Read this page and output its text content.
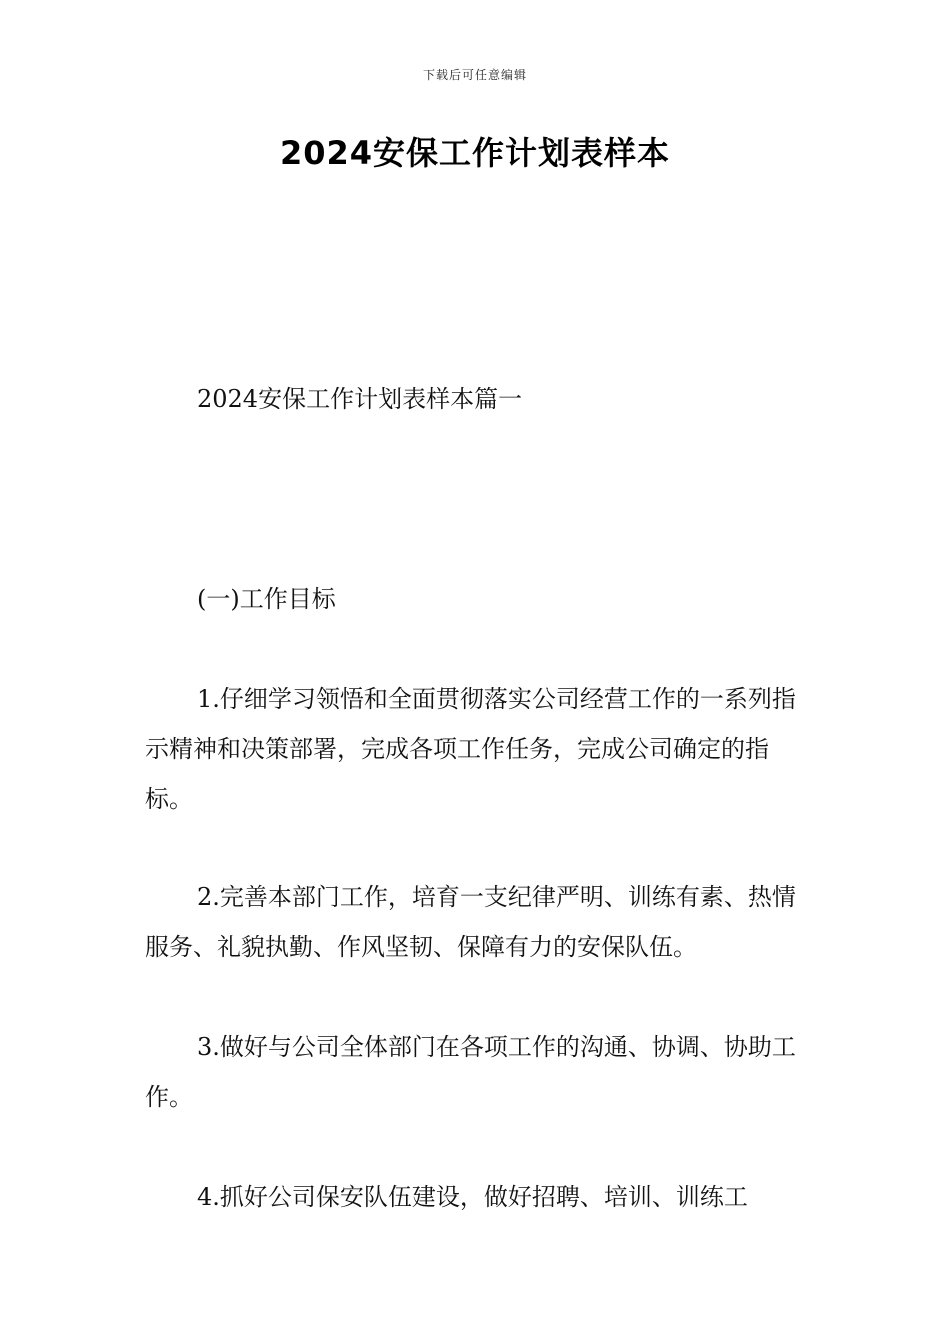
下载后可任意编辑
2024安保工作计划表样本

2024安保工作计划表样本篇一

(一)工作目标

1.仔细学习领悟和全面贯彻落实公司经营工作的一系列指示精神和决策部署，完成各项工作任务，完成公司确定的指标。

2.完善本部门工作，培育一支纪律严明、训练有素、热情服务、礼貌执勤、作风坚韧、保障有力的安保队伍。

3.做好与公司全体部门在各项工作的沟通、协调、协助工作。

4.抓好公司保安队伍建设，做好招聘、培训、训练工
